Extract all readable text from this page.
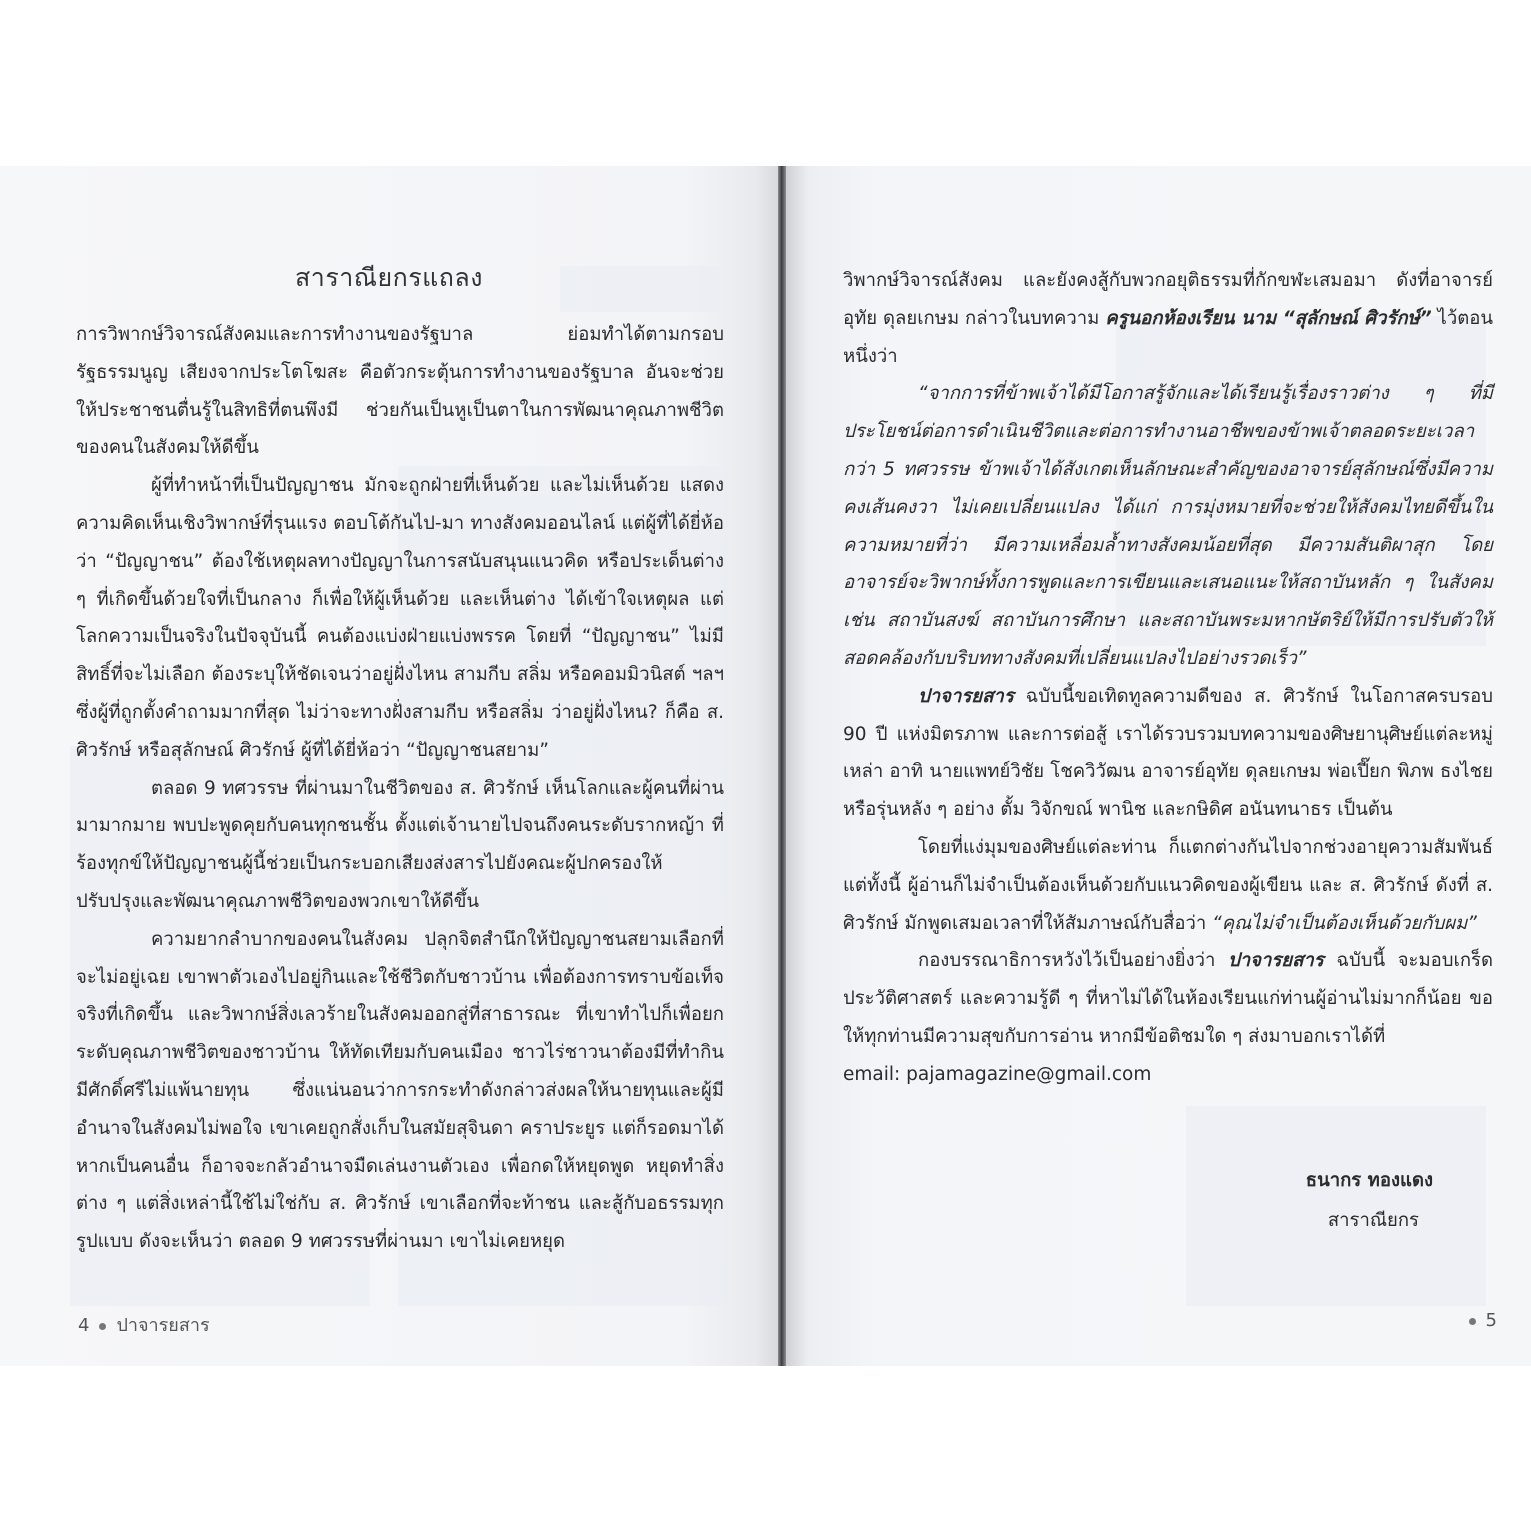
สาราณียกรแถลง

การวิพากษ์วิจารณ์สังคมและการทำงานของรัฐบาล ย่อมทำได้ตามกรอบรัฐธรรมนูญ เสียงจากประโตโฆสะ คือตัวกระตุ้นการทำงานของรัฐบาล อันจะช่วยให้ประชาชนตื่นรู้ในสิทธิที่ตนพึงมี ช่วยกันเป็นหูเป็นตาในการพัฒนาคุณภาพชีวิตของคนในสังคมให้ดีขึ้น

ผู้ที่ทำหน้าที่เป็นปัญญาชน มักจะถูกฝ่ายที่เห็นด้วย และไม่เห็นด้วย แสดงความคิดเห็นเชิงวิพากษ์ที่รุนแรง ตอบโต้กันไป-มา ทางสังคมออนไลน์ แต่ผู้ที่ได้ยี่ห้อว่า “ปัญญาชน” ต้องใช้เหตุผลทางปัญญาในการสนับสนุนแนวคิด หรือประเด็นต่าง ๆ ที่เกิดขึ้นด้วยใจที่เป็นกลาง ก็เพื่อให้ผู้เห็นด้วย และเห็นต่าง ได้เข้าใจเหตุผล แต่โลกความเป็นจริงในปัจจุบันนี้ คนต้องแบ่งฝ่ายแบ่งพรรค โดยที่ “ปัญญาชน” ไม่มีสิทธิ์ที่จะไม่เลือก ต้องระบุให้ชัดเจนว่าอยู่ฝั่งไหน สามกีบ สลิ่ม หรือคอมมิวนิสต์ ฯลฯ ซึ่งผู้ที่ถูกตั้งคำถามมากที่สุด ไม่ว่าจะทางฝั่งสามกีบ หรือสลิ่ม ว่าอยู่ฝั่งไหน? ก็คือ ส. ศิวรักษ์ หรือสุลักษณ์ ศิวรักษ์ ผู้ที่ได้ยี่ห้อว่า “ปัญญาชนสยาม”

ตลอด 9 ทศวรรษ ที่ผ่านมาในชีวิตของ ส. ศิวรักษ์ เห็นโลกและผู้คนที่ผ่านมามากมาย พบปะพูดคุยกับคนทุกชนชั้น ตั้งแต่เจ้านายไปจนถึงคนระดับรากหญ้า ที่ร้องทุกข์ให้ปัญญาชนผู้นี้ช่วยเป็นกระบอกเสียงส่งสารไปยังคณะผู้ปกครองให้ปรับปรุงและพัฒนาคุณภาพชีวิตของพวกเขาให้ดีขึ้น

ความยากลำบากของคนในสังคม ปลุกจิตสำนึกให้ปัญญาชนสยามเลือกที่จะไม่อยู่เฉย เขาพาตัวเองไปอยู่กินและใช้ชีวิตกับชาวบ้าน เพื่อต้องการทราบข้อเท็จจริงที่เกิดขึ้น และวิพากษ์สิ่งเลวร้ายในสังคมออกสู่ที่สาธารณะ ที่เขาทำไปก็เพื่อยกระดับคุณภาพชีวิตของชาวบ้าน ให้ทัดเทียมกับคนเมือง ชาวไร่ชาวนาต้องมีที่ทำกิน มีศักดิ์ศรีไม่แพ้นายทุน ซึ่งแน่นอนว่าการกระทำดังกล่าวส่งผลให้นายทุนและผู้มีอำนาจในสังคมไม่พอใจ เขาเคยถูกสั่งเก็บในสมัยสุจินดา คราประยูร แต่ก็รอดมาได้ หากเป็นคนอื่น ก็อาจจะกลัวอำนาจมืดเล่นงานตัวเอง เพื่อกดให้หยุดพูด หยุดทำสิ่งต่าง ๆ แต่สิ่งเหล่านี้ใช้ไม่ใช่กับ ส. ศิวรักษ์ เขาเลือกที่จะท้าชน และสู้กับอธรรมทุกรูปแบบ ดังจะเห็นว่า ตลอด 9 ทศวรรษที่ผ่านมา เขาไม่เคยหยุด

4 ปาจารยสาร

วิพากษ์วิจารณ์สังคม และยังคงสู้กับพวกอยุติธรรมที่กักขฬะเสมอมา ดังที่อาจารย์อุทัย ดุลยเกษม กล่าวในบทความ ครูนอกห้องเรียน นาม “สุลักษณ์ ศิวรักษ์” ไว้ตอนหนึ่งว่า

“จากการที่ข้าพเจ้าได้มีโอกาสรู้จักและได้เรียนรู้เรื่องราวต่าง ๆ ที่มีประโยชน์ต่อการดำเนินชีวิตและต่อการทำงานอาชีพของข้าพเจ้าตลอดระยะเวลากว่า 5 ทศวรรษ ข้าพเจ้าได้สังเกตเห็นลักษณะสำคัญของอาจารย์สุลักษณ์ซึ่งมีความคงเส้นคงวา ไม่เคยเปลี่ยนแปลง ได้แก่ การมุ่งหมายที่จะช่วยให้สังคมไทยดีขึ้นในความหมายที่ว่า มีความเหลื่อมล้ำทางสังคมน้อยที่สุด มีความสันติผาสุก โดยอาจารย์จะวิพากษ์ทั้งการพูดและการเขียนและเสนอแนะให้สถาบันหลัก ๆ ในสังคม เช่น สถาบันสงฆ์ สถาบันการศึกษา และสถาบันพระมหากษัตริย์ให้มีการปรับตัวให้สอดคล้องกับบริบททางสังคมที่เปลี่ยนแปลงไปอย่างรวดเร็ว”

ปาจารยสาร ฉบับนี้ขอเทิดทูลความดีของ ส. ศิวรักษ์ ในโอกาสครบรอบ 90 ปี แห่งมิตรภาพ และการต่อสู้ เราได้รวบรวมบทความของศิษยานุศิษย์แต่ละหมู่เหล่า อาทิ นายแพทย์วิชัย โชควิวัฒน อาจารย์อุทัย ดุลยเกษม พ่อเปี๊ยก พิภพ ธงไชย หรือรุ่นหลัง ๆ อย่าง ตั้ม วิจักขณ์ พานิช และกษิดิศ อนันทนาธร เป็นต้น

โดยที่แง่มุมของศิษย์แต่ละท่าน ก็แตกต่างกันไปจากช่วงอายุความสัมพันธ์ แต่ทั้งนี้ ผู้อ่านก็ไม่จำเป็นต้องเห็นด้วยกับแนวคิดของผู้เขียน และ ส. ศิวรักษ์ ดังที่ ส. ศิวรักษ์ มักพูดเสมอเวลาที่ให้สัมภาษณ์กับสื่อว่า “คุณไม่จำเป็นต้องเห็นด้วยกับผม”

กองบรรณาธิการหวังไว้เป็นอย่างยิ่งว่า ปาจารยสาร ฉบับนี้ จะมอบเกร็ดประวัติศาสตร์ และความรู้ดี ๆ ที่หาไม่ได้ในห้องเรียนแก่ท่านผู้อ่านไม่มากก็น้อย ขอให้ทุกท่านมีความสุขกับการอ่าน หากมีข้อติชมใด ๆ ส่งมาบอกเราได้ที่

email: pajamagazine@gmail.com

ธนากร ทองแดง
สาราณียกร
5
